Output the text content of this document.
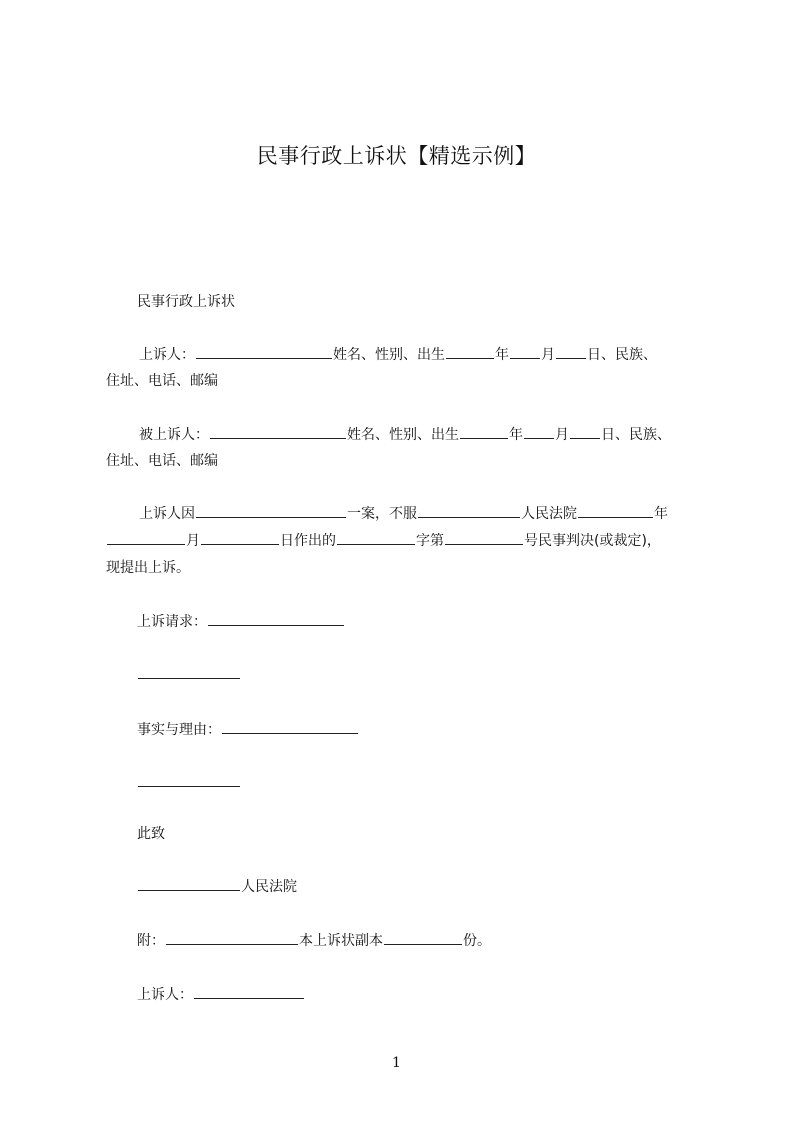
民事行政上诉状【精选示例】
民事行政上诉状
上诉人：	姓名、性别、出生	年 月 日、民族、
住址、电话、邮编
被上诉人：	姓名、性别、出生	年 月 日、民族、
住址、电话、邮编
上诉人因	一案，不服	人民法院	年
月	日作出的	字第	号民事判决(或裁定)，
现提出上诉。
上诉请求：
事实与理由：
此致
人民法院
附：	本上诉状副本	份。
上诉人：
1
